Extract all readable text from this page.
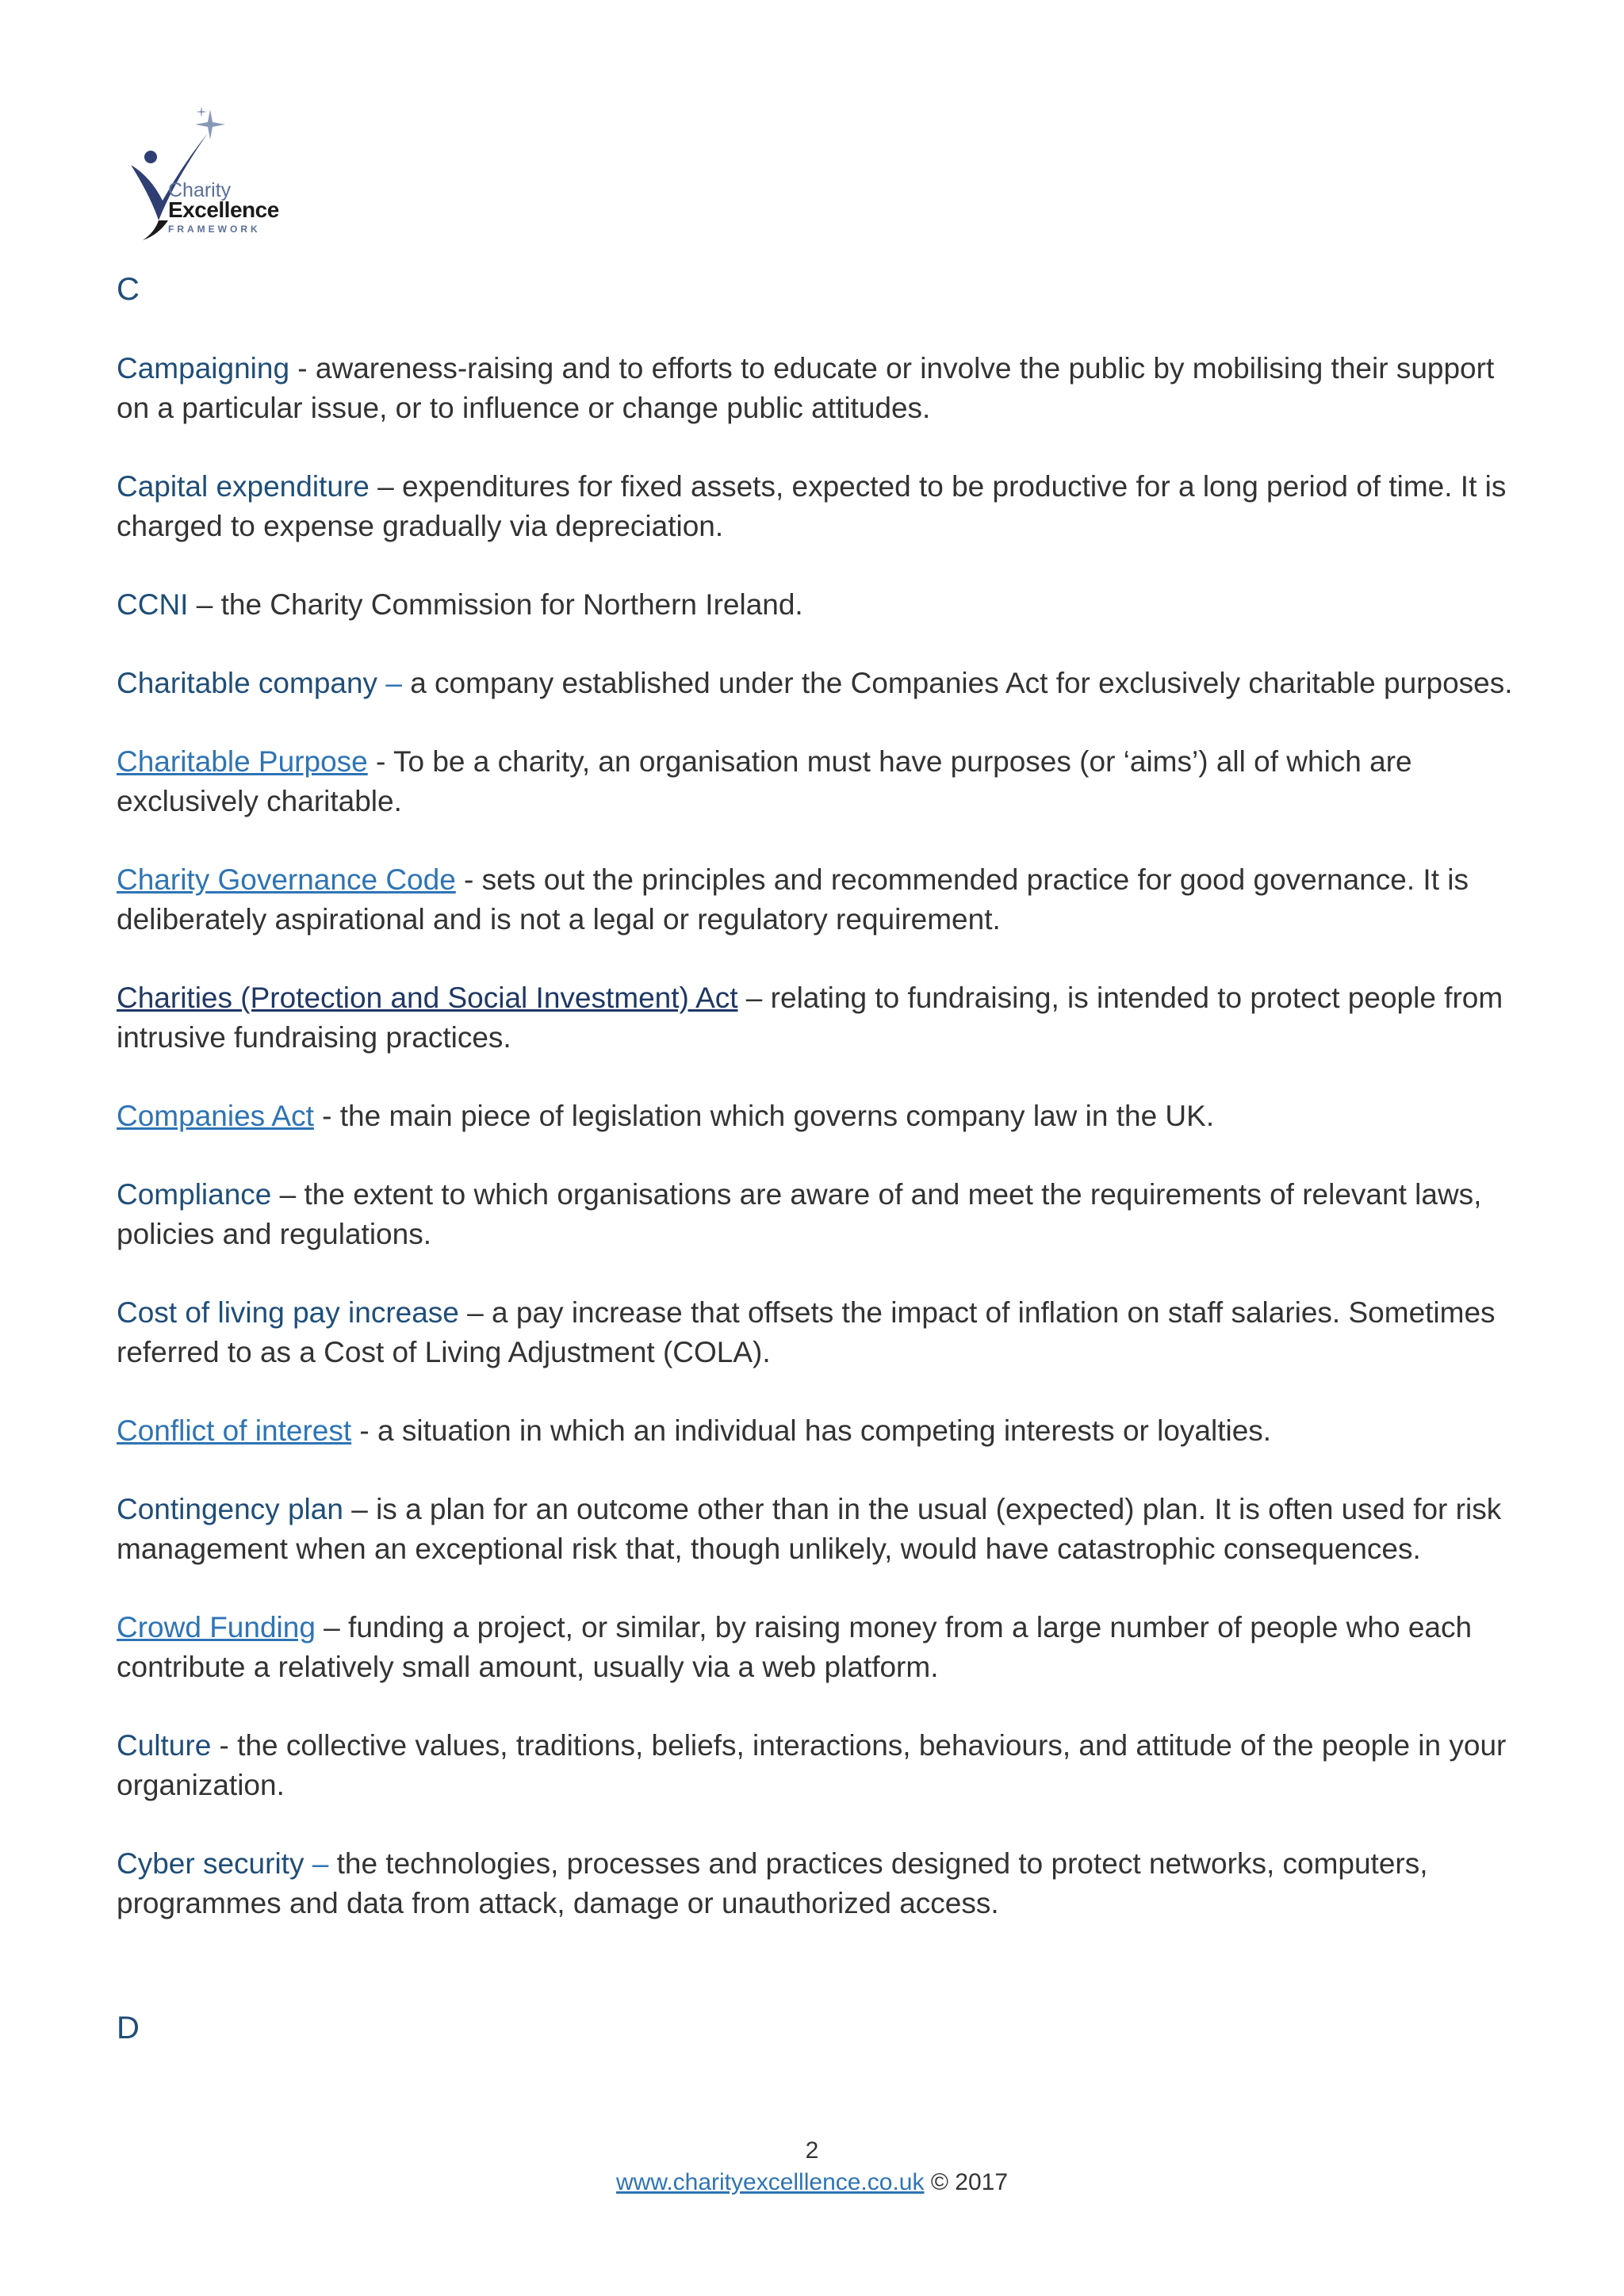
Charity
Excellence
FRAMEWORK
C

Campaigning - awareness-raising and to efforts to educate or involve the public by mobilising their support on a particular issue, or to influence or change public attitudes.

Capital expenditure – expenditures for fixed assets, expected to be productive for a long period of time. It is charged to expense gradually via depreciation.

CCNI – the Charity Commission for Northern Ireland.

Charitable company – a company established under the Companies Act for exclusively charitable purposes.

Charitable Purpose - To be a charity, an organisation must have purposes (or ‘aims’) all of which are exclusively charitable.

Charity Governance Code - sets out the principles and recommended practice for good governance. It is deliberately aspirational and is not a legal or regulatory requirement.

Charities (Protection and Social Investment) Act – relating to fundraising, is intended to protect people from intrusive fundraising practices.

Companies Act - the main piece of legislation which governs company law in the UK.

Compliance – the extent to which organisations are aware of and meet the requirements of relevant laws, policies and regulations.

Cost of living pay increase – a pay increase that offsets the impact of inflation on staff salaries. Sometimes referred to as a Cost of Living Adjustment (COLA).

Conflict of interest - a situation in which an individual has competing interests or loyalties.

Contingency plan – is a plan for an outcome other than in the usual (expected) plan. It is often used for risk management when an exceptional risk that, though unlikely, would have catastrophic consequences.

Crowd Funding – funding a project, or similar, by raising money from a large number of people who each contribute a relatively small amount, usually via a web platform.

Culture - the collective values, traditions, beliefs, interactions, behaviours, and attitude of the people in your organization.

Cyber security – the technologies, processes and practices designed to protect networks, computers, programmes and data from attack, damage or unauthorized access.

D
2
www.charityexcelllence.co.uk © 2017
